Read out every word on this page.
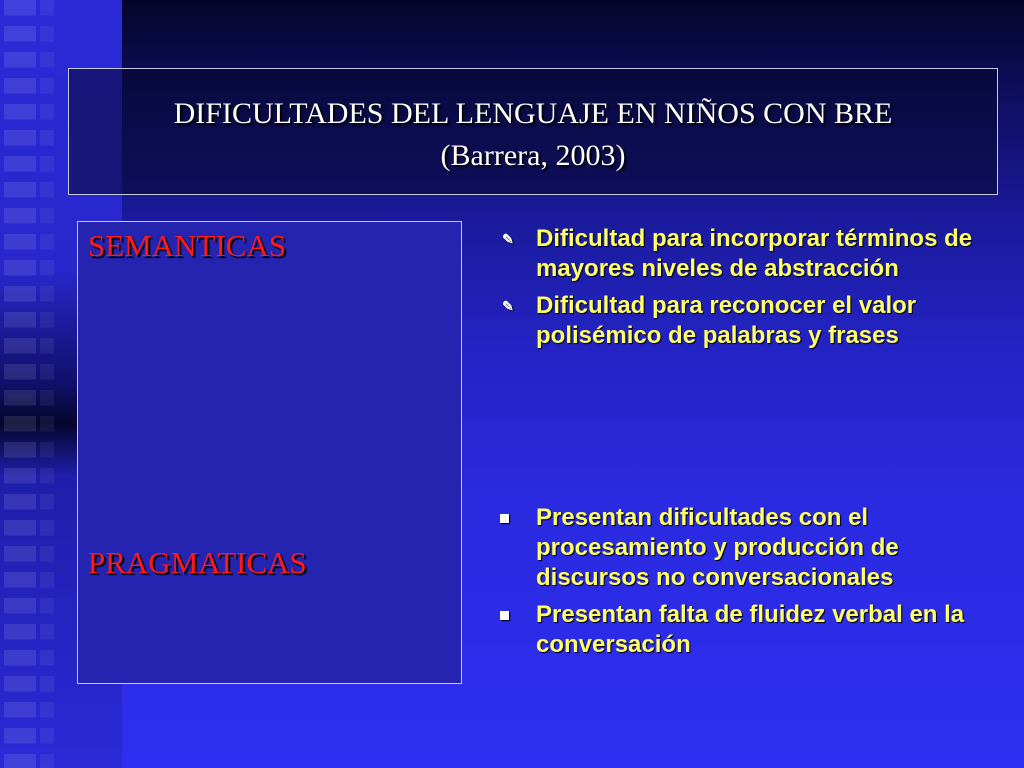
DIFICULTADES DEL LENGUAJE EN NIÑOS CON BRE
(Barrera, 2003)
SEMANTICAS
PRAGMATICAS
✎ Dificultad para incorporar términos de mayores niveles de abstracción
✎ Dificultad para reconocer el valor polisémico de palabras y frases
Presentan dificultades con el procesamiento y producción de discursos no conversacionales
Presentan falta de fluidez verbal en la conversación
